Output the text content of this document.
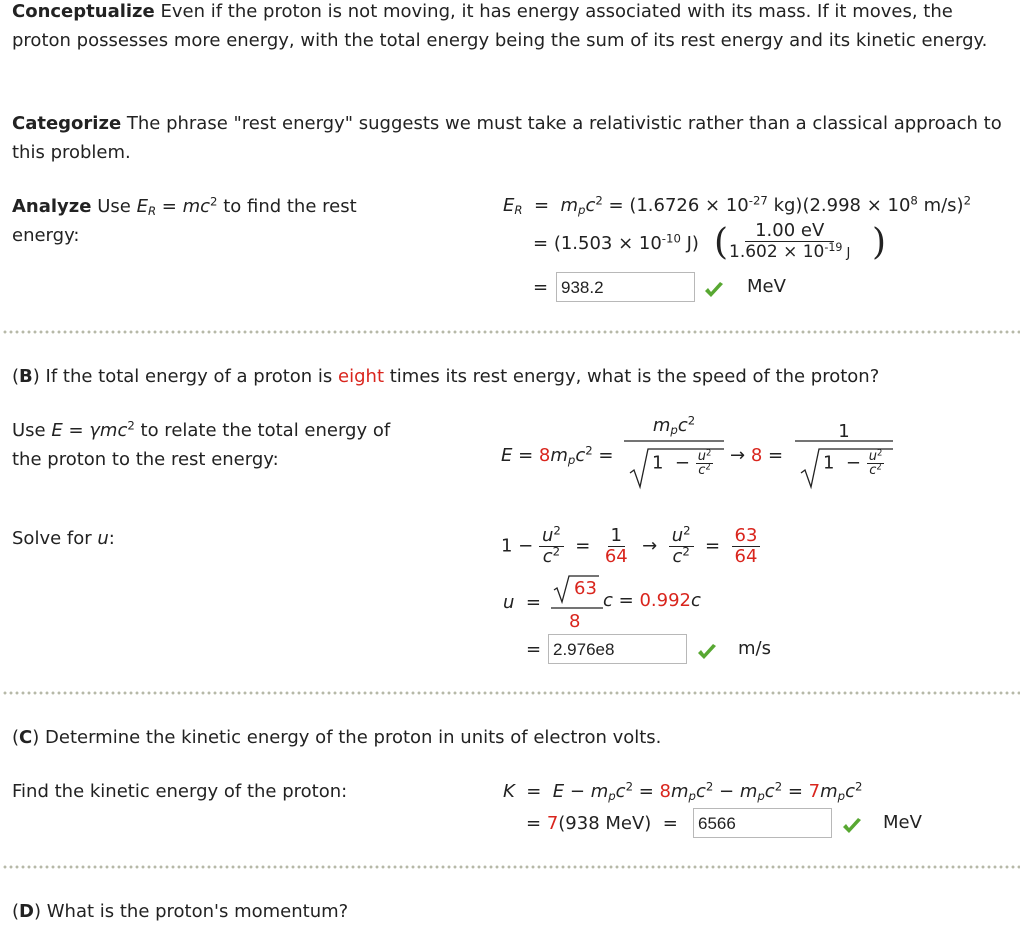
Conceptualize Even if the proton is not moving, it has energy associated with its mass. If it moves, the proton possesses more energy, with the total energy being the sum of its rest energy and its kinetic energy.
Categorize The phrase "rest energy" suggests we must take a relativistic rather than a classical approach to this problem.
Analyze Use $E_R = mc^2$ to find the rest
energy:
$E_R = m_pc^2 = (1.6726 \times 10^{-27}$ $kg)(2.998 \times 10^8$ m/s)$^2$
= ($1.503 \times 10^{-10}$ J) (
$\frac{1.00 eV}{1.602 \times 10^{-19} J}$ )
= 938.2	MeV
(B) If the total energy of a proton is eight times its rest energy, what is the speed of the proton?
Use E = γmc$^2$ to relate the total energy of
the proton to the rest energy:	$E = 8m_pc^2$ =
$m_pc^2$
$1 - \frac{u^2}{c^2} \to 8$ =
1
$1 - \frac{u^2}{c^2}$
Solve for u:	$1 - \frac{u^2}{c^2} = \frac{1}{64} \to \frac{u^2}{c^2} = \frac{63}{64}$
u  =
63
8
c = 0.992c
= 2.976e8	m/s
(C) Determine the kinetic energy of the proton in units of electron volts.
Find the kinetic energy of the proton:	$K = E - m_pc^2 = 8m_pc^2 - m_pc^2 = 7m_pc^2$
= 7(938 MeV)  = 6566	MeV
(D) What is the proton's momentum?
